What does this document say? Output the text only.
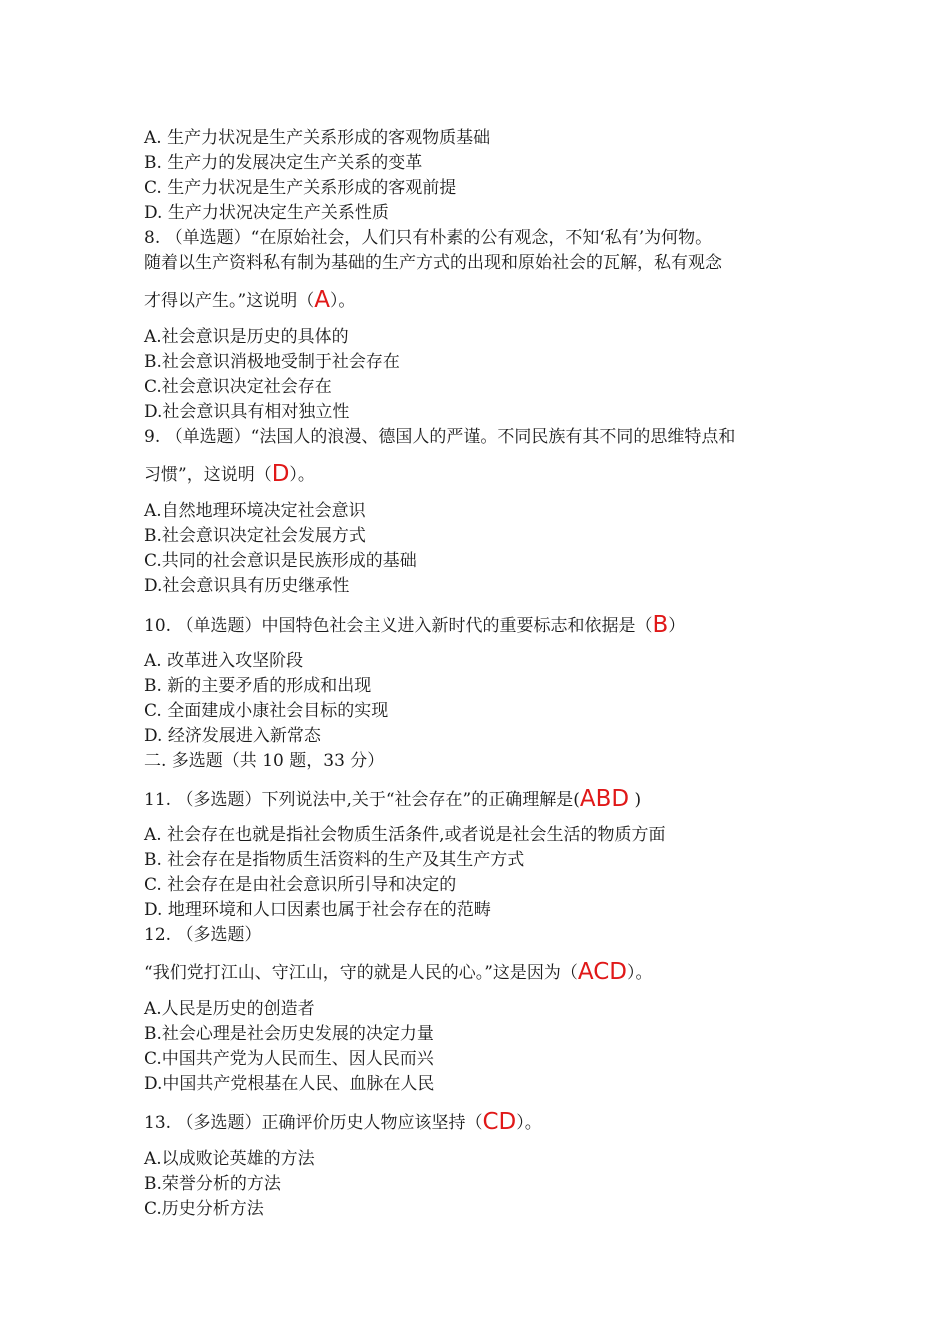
A. 生产力状况是生产关系形成的客观物质基础
B. 生产力的发展决定生产关系的变革
C. 生产力状况是生产关系形成的客观前提
D. 生产力状况决定生产关系性质
8. （单选题）“在原始社会，人们只有朴素的公有观念，不知‘私有’为何物。
随着以生产资料私有制为基础的生产方式的出现和原始社会的瓦解，私有观念
才得以产生。”这说明（A）。
A.社会意识是历史的具体的
B.社会意识消极地受制于社会存在
C.社会意识决定社会存在
D.社会意识具有相对独立性
9. （单选题）“法国人的浪漫、德国人的严谨。不同民族有其不同的思维特点和
习惯”，这说明（D）。
A.自然地理环境决定社会意识
B.社会意识决定社会发展方式
C.共同的社会意识是民族形成的基础
D.社会意识具有历史继承性
10. （单选题）中国特色社会主义进入新时代的重要标志和依据是（B）
A. 改革进入攻坚阶段
B. 新的主要矛盾的形成和出现
C. 全面建成小康社会目标的实现
D. 经济发展进入新常态
二. 多选题（共 10 题，33 分）
11. （多选题）下列说法中,关于“社会存在”的正确理解是(ABD )
A. 社会存在也就是指社会物质生活条件,或者说是社会生活的物质方面
B. 社会存在是指物质生活资料的生产及其生产方式
C. 社会存在是由社会意识所引导和决定的
D. 地理环境和人口因素也属于社会存在的范畴
12. （多选题）
“我们党打江山、守江山，守的就是人民的心。”这是因为（ACD）。
A.人民是历史的创造者
B.社会心理是社会历史发展的决定力量
C.中国共产党为人民而生、因人民而兴
D.中国共产党根基在人民、血脉在人民
13. （多选题）正确评价历史人物应该坚持（CD）。
A.以成败论英雄的方法
B.荣誉分析的方法
C.历史分析方法
